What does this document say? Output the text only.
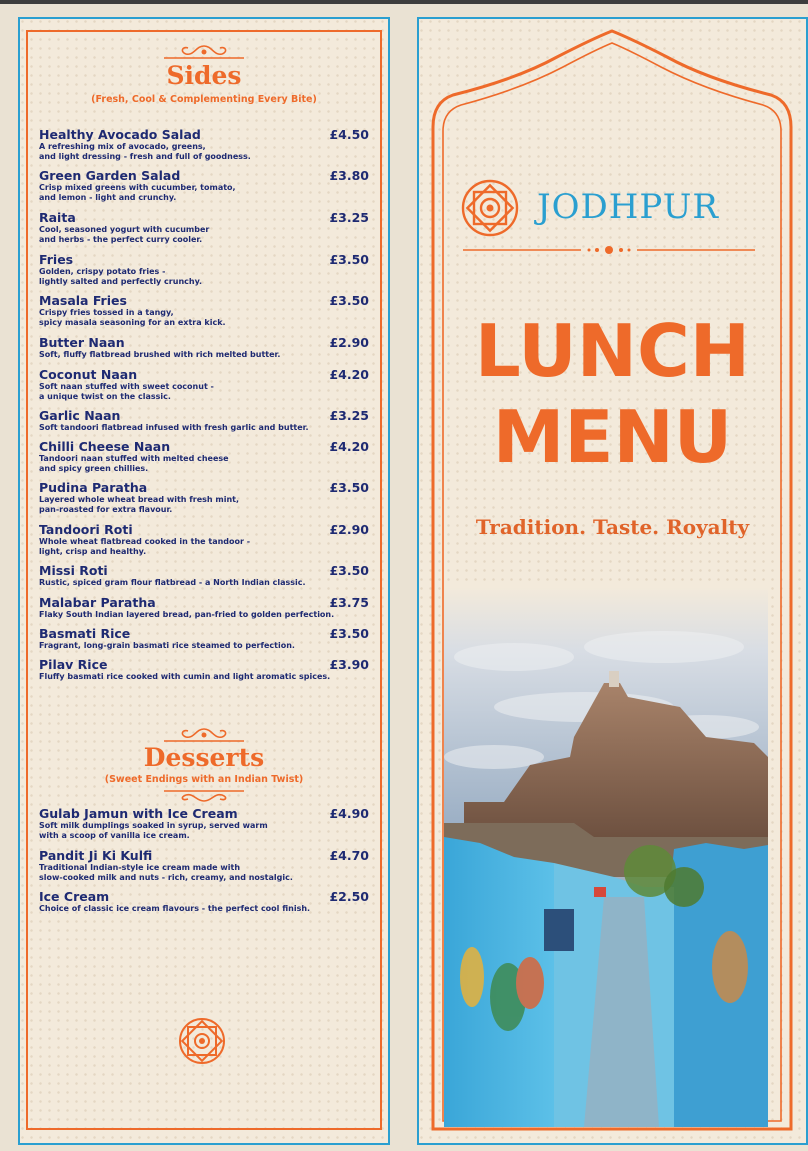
Sides
(Fresh, Cool & Complementing Every Bite)
Healthy Avocado Salad	£4.50
A refreshing mix of avocado, greens,
and light dressing - fresh and full of goodness.
Green Garden Salad	£3.80
Crisp mixed greens with cucumber, tomato,
and lemon - light and crunchy.
Raita	£3.25
Cool, seasoned yogurt with cucumber
and herbs - the perfect curry cooler.
Fries	£3.50
Golden, crispy potato fries -
lightly salted and perfectly crunchy.
Masala Fries	£3.50
Crispy fries tossed in a tangy,
spicy masala seasoning for an extra kick.
Butter Naan	£2.90
Soft, fluffy flatbread brushed with rich melted butter.
Coconut Naan	£4.20
Soft naan stuffed with sweet coconut -
a unique twist on the classic.
Garlic Naan	£3.25
Soft tandoori flatbread infused with fresh garlic and butter.
Chilli Cheese Naan	£4.20
Tandoori naan stuffed with melted cheese
and spicy green chillies.
Pudina Paratha	£3.50
Layered whole wheat bread with fresh mint,
pan-roasted for extra flavour.
Tandoori Roti	£2.90
Whole wheat flatbread cooked in the tandoor -
light, crisp and healthy.
Missi Roti	£3.50
Rustic, spiced gram flour flatbread - a North Indian classic.
Malabar Paratha	£3.75
Flaky South Indian layered bread, pan-fried to golden perfection.
Basmati Rice	£3.50
Fragrant, long-grain basmati rice steamed to perfection.
Pilav Rice	£3.90
Fluffy basmati rice cooked with cumin and light aromatic spices.
Desserts
(Sweet Endings with an Indian Twist)
Gulab Jamun with Ice Cream	£4.90
Soft milk dumplings soaked in syrup, served warm
with a scoop of vanilla ice cream.
Pandit Ji Ki Kulfi	£4.70
Traditional Indian-style ice cream made with
slow-cooked milk and nuts - rich, creamy, and nostalgic.
Ice Cream	£2.50
Choice of classic ice cream flavours - the perfect cool finish.
JODHPUR
LUNCH
MENU
Tradition. Taste. Royalty
